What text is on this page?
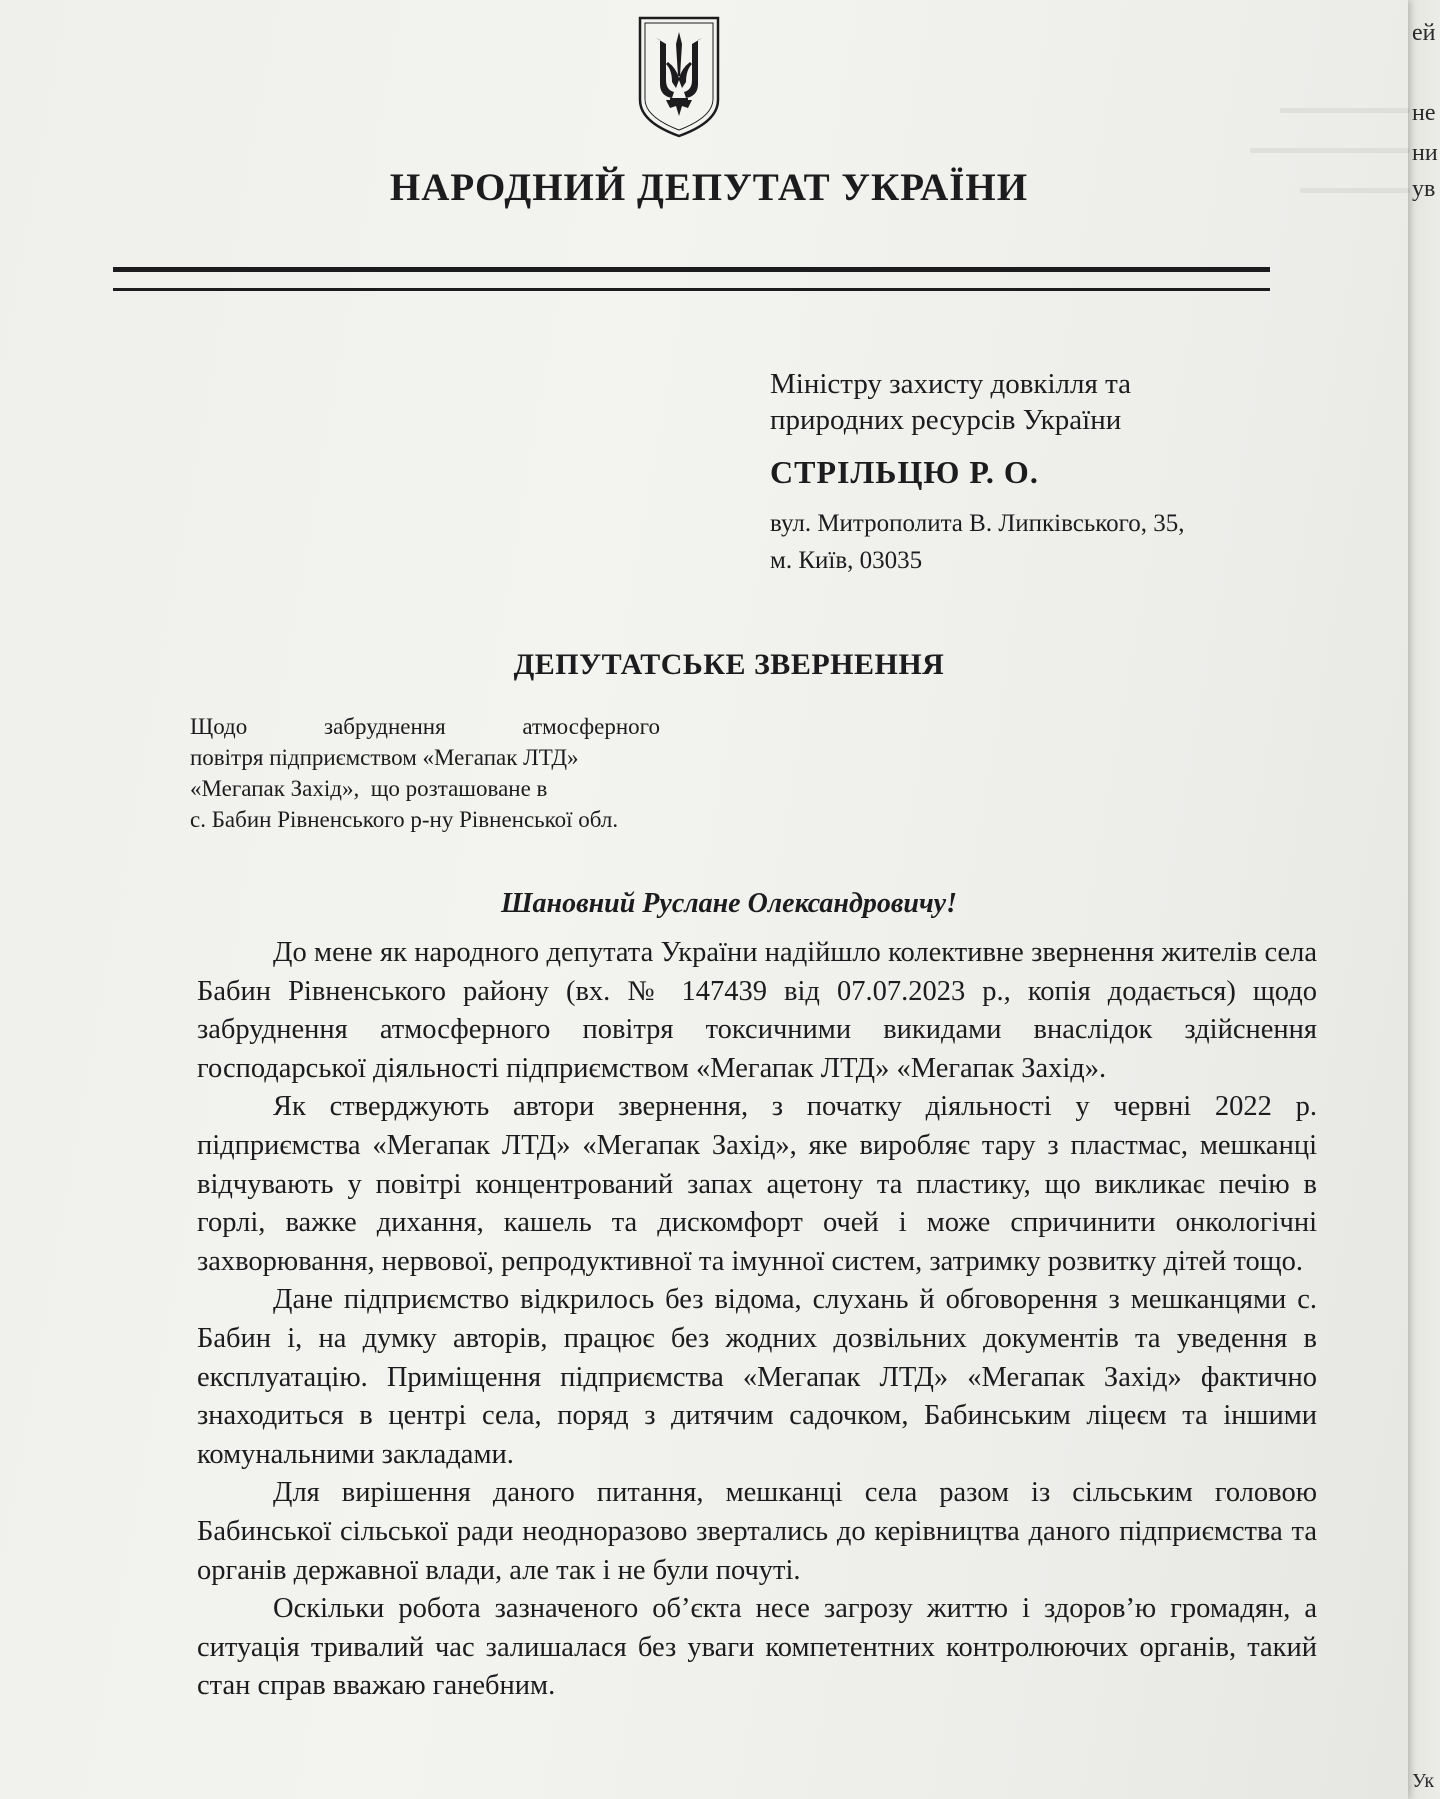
ей
не
ни
ув
Ук
НАРОДНИЙ ДЕПУТАТ УКРАЇНИ
Міністру захисту довкілля та
природних ресурсів України
СТРІЛЬЦЮ Р. О.
вул. Митрополита В. Липківського, 35,
м. Київ, 03035
ДЕПУТАТСЬКЕ ЗВЕРНЕННЯ
Щодо	забруднення	атмосферного
повітря підприємством «Мегапак ЛТД»
«Мегапак Захід»,  що розташоване в
с. Бабин Рівненського р-ну Рівненської обл.
Шановний Руслане Олександровичу!

До мене як народного депутата України надійшло колективне звернення жителів села Бабин Рівненського району (вх. № 147439 від 07.07.2023 р., копія додається) щодо забруднення атмосферного повітря токсичними викидами внаслідок здійснення господарської діяльності підприємством «Мегапак ЛТД» «Мегапак Захід».

Як стверджують автори звернення, з початку діяльності у червні 2022 р. підприємства «Мегапак ЛТД» «Мегапак Захід», яке виробляє тару з пластмас, мешканці відчувають у повітрі концентрований запах ацетону та пластику, що викликає печію в горлі, важке дихання, кашель та дискомфорт очей і може спричинити онкологічні захворювання, нервової, репродуктивної та імунної систем, затримку розвитку дітей тощо.

Дане підприємство відкрилось без відома, слухань й обговорення з мешканцями с. Бабин і, на думку авторів, працює без жодних дозвільних документів та уведення в експлуатацію. Приміщення підприємства «Мегапак ЛТД» «Мегапак Захід» фактично знаходиться в центрі села, поряд з дитячим садочком, Бабинським ліцеєм та іншими комунальними закладами.

Для вирішення даного питання, мешканці села разом із сільським головою Бабинської сільської ради неодноразово звертались до керівництва даного підприємства та органів державної влади, але так і не були почуті.

Оскільки робота зазначеного об’єкта несе загрозу життю і здоров’ю громадян, а ситуація тривалий час залишалася без уваги компетентних контролюючих органів, такий стан справ вважаю ганебним.
